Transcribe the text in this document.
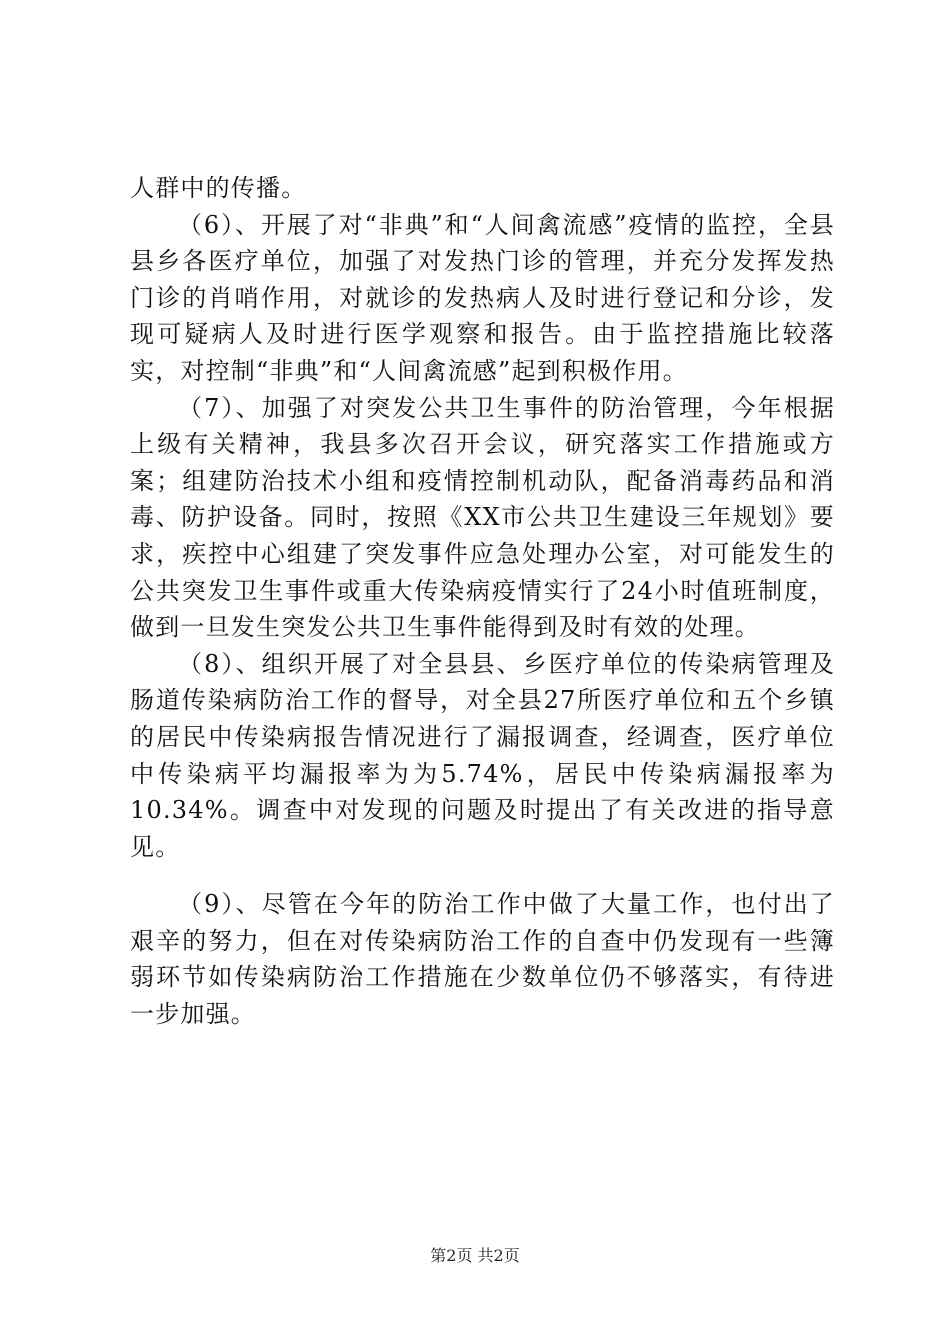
人群中的传播。

（6）、开展了对“非典”和“人间禽流感”疫情的监控，全县县乡各医疗单位，加强了对发热门诊的管理，并充分发挥发热门诊的肖哨作用，对就诊的发热病人及时进行登记和分诊，发现可疑病人及时进行医学观察和报告。由于监控措施比较落实，对控制“非典”和“人间禽流感”起到积极作用。

（7）、加强了对突发公共卫生事件的防治管理，今年根据上级有关精神，我县多次召开会议，研究落实工作措施或方案；组建防治技术小组和疫情控制机动队，配备消毒药品和消毒、防护设备。同时，按照《XX市公共卫生建设三年规划》要求，疾控中心组建了突发事件应急处理办公室，对可能发生的公共突发卫生事件或重大传染病疫情实行了24小时值班制度，做到一旦发生突发公共卫生事件能得到及时有效的处理。

（8）、组织开展了对全县县、乡医疗单位的传染病管理及肠道传染病防治工作的督导，对全县27所医疗单位和五个乡镇的居民中传染病报告情况进行了漏报调查，经调查，医疗单位中传染病平均漏报率为为5.74%，居民中传染病漏报率为10.34%。调查中对发现的问题及时提出了有关改进的指导意见。

（9）、尽管在今年的防治工作中做了大量工作，也付出了艰辛的努力，但在对传染病防治工作的自查中仍发现有一些簿弱环节如传染病防治工作措施在少数单位仍不够落实，有待进一步加强。

第2页 共2页
